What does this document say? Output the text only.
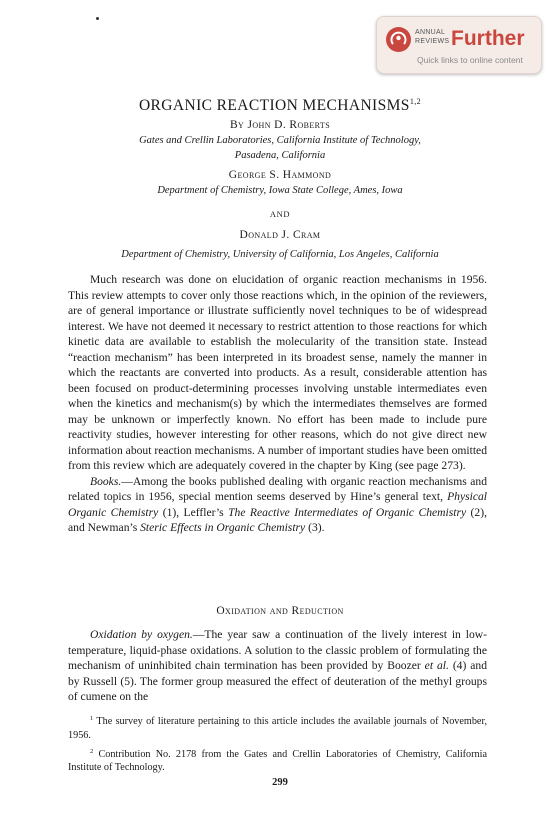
ANNUAL
REVIEWS Further
Quick links to online content
ORGANIC REACTION MECHANISMS$^{1,2}$
By John D. Roberts
Gates and Crellin Laboratories, California Institute of Technology,
Pasadena, California
George S. Hammond
Department of Chemistry, Iowa State College, Ames, Iowa
AND
Donald J. Cram
Department of Chemistry, University of California, Los Angeles, California

Much research was done on elucidation of organic reaction mechanisms in 1956. This review attempts to cover only those reactions which, in the opinion of the reviewers, are of general importance or illustrate sufficiently novel techniques to be of widespread interest. We have not deemed it necessary to restrict attention to those reactions for which kinetic data are available to establish the molecularity of the transition state. Instead “reaction mechanism” has been interpreted in its broadest sense, namely the manner in which the reactants are converted into products. As a result, considerable attention has been focused on product-determining processes involving unstable intermediates even when the kinetics and mechanism(s) by which the intermediates themselves are formed may be unknown or imperfectly known. No effort has been made to include pure reactivity studies, however interesting for other reasons, which do not give direct new information about reaction mechanisms. A number of important studies have been omitted from this review which are adequately covered in the chapter by King (see page 273).

Books.—Among the books published dealing with organic reaction mechanisms and related topics in 1956, special mention seems deserved by Hine’s general text, Physical Organic Chemistry (1), Leffler’s The Reactive Intermediates of Organic Chemistry (2), and Newman’s Steric Effects in Organic Chemistry (3).

Oxidation and Reduction

Oxidation by oxygen.—The year saw a continuation of the lively interest in low-temperature, liquid-phase oxidations. A solution to the classic problem of formulating the mechanism of uninhibited chain termination has been provided by Boozer et al. (4) and by Russell (5). The former group measured the effect of deuteration of the methyl groups of cumene on the

$^1$ The survey of literature pertaining to this article includes the available journals of November, 1956.

$^2$ Contribution No. 2178 from the Gates and Crellin Laboratories of Chemistry, California Institute of Technology.

299
